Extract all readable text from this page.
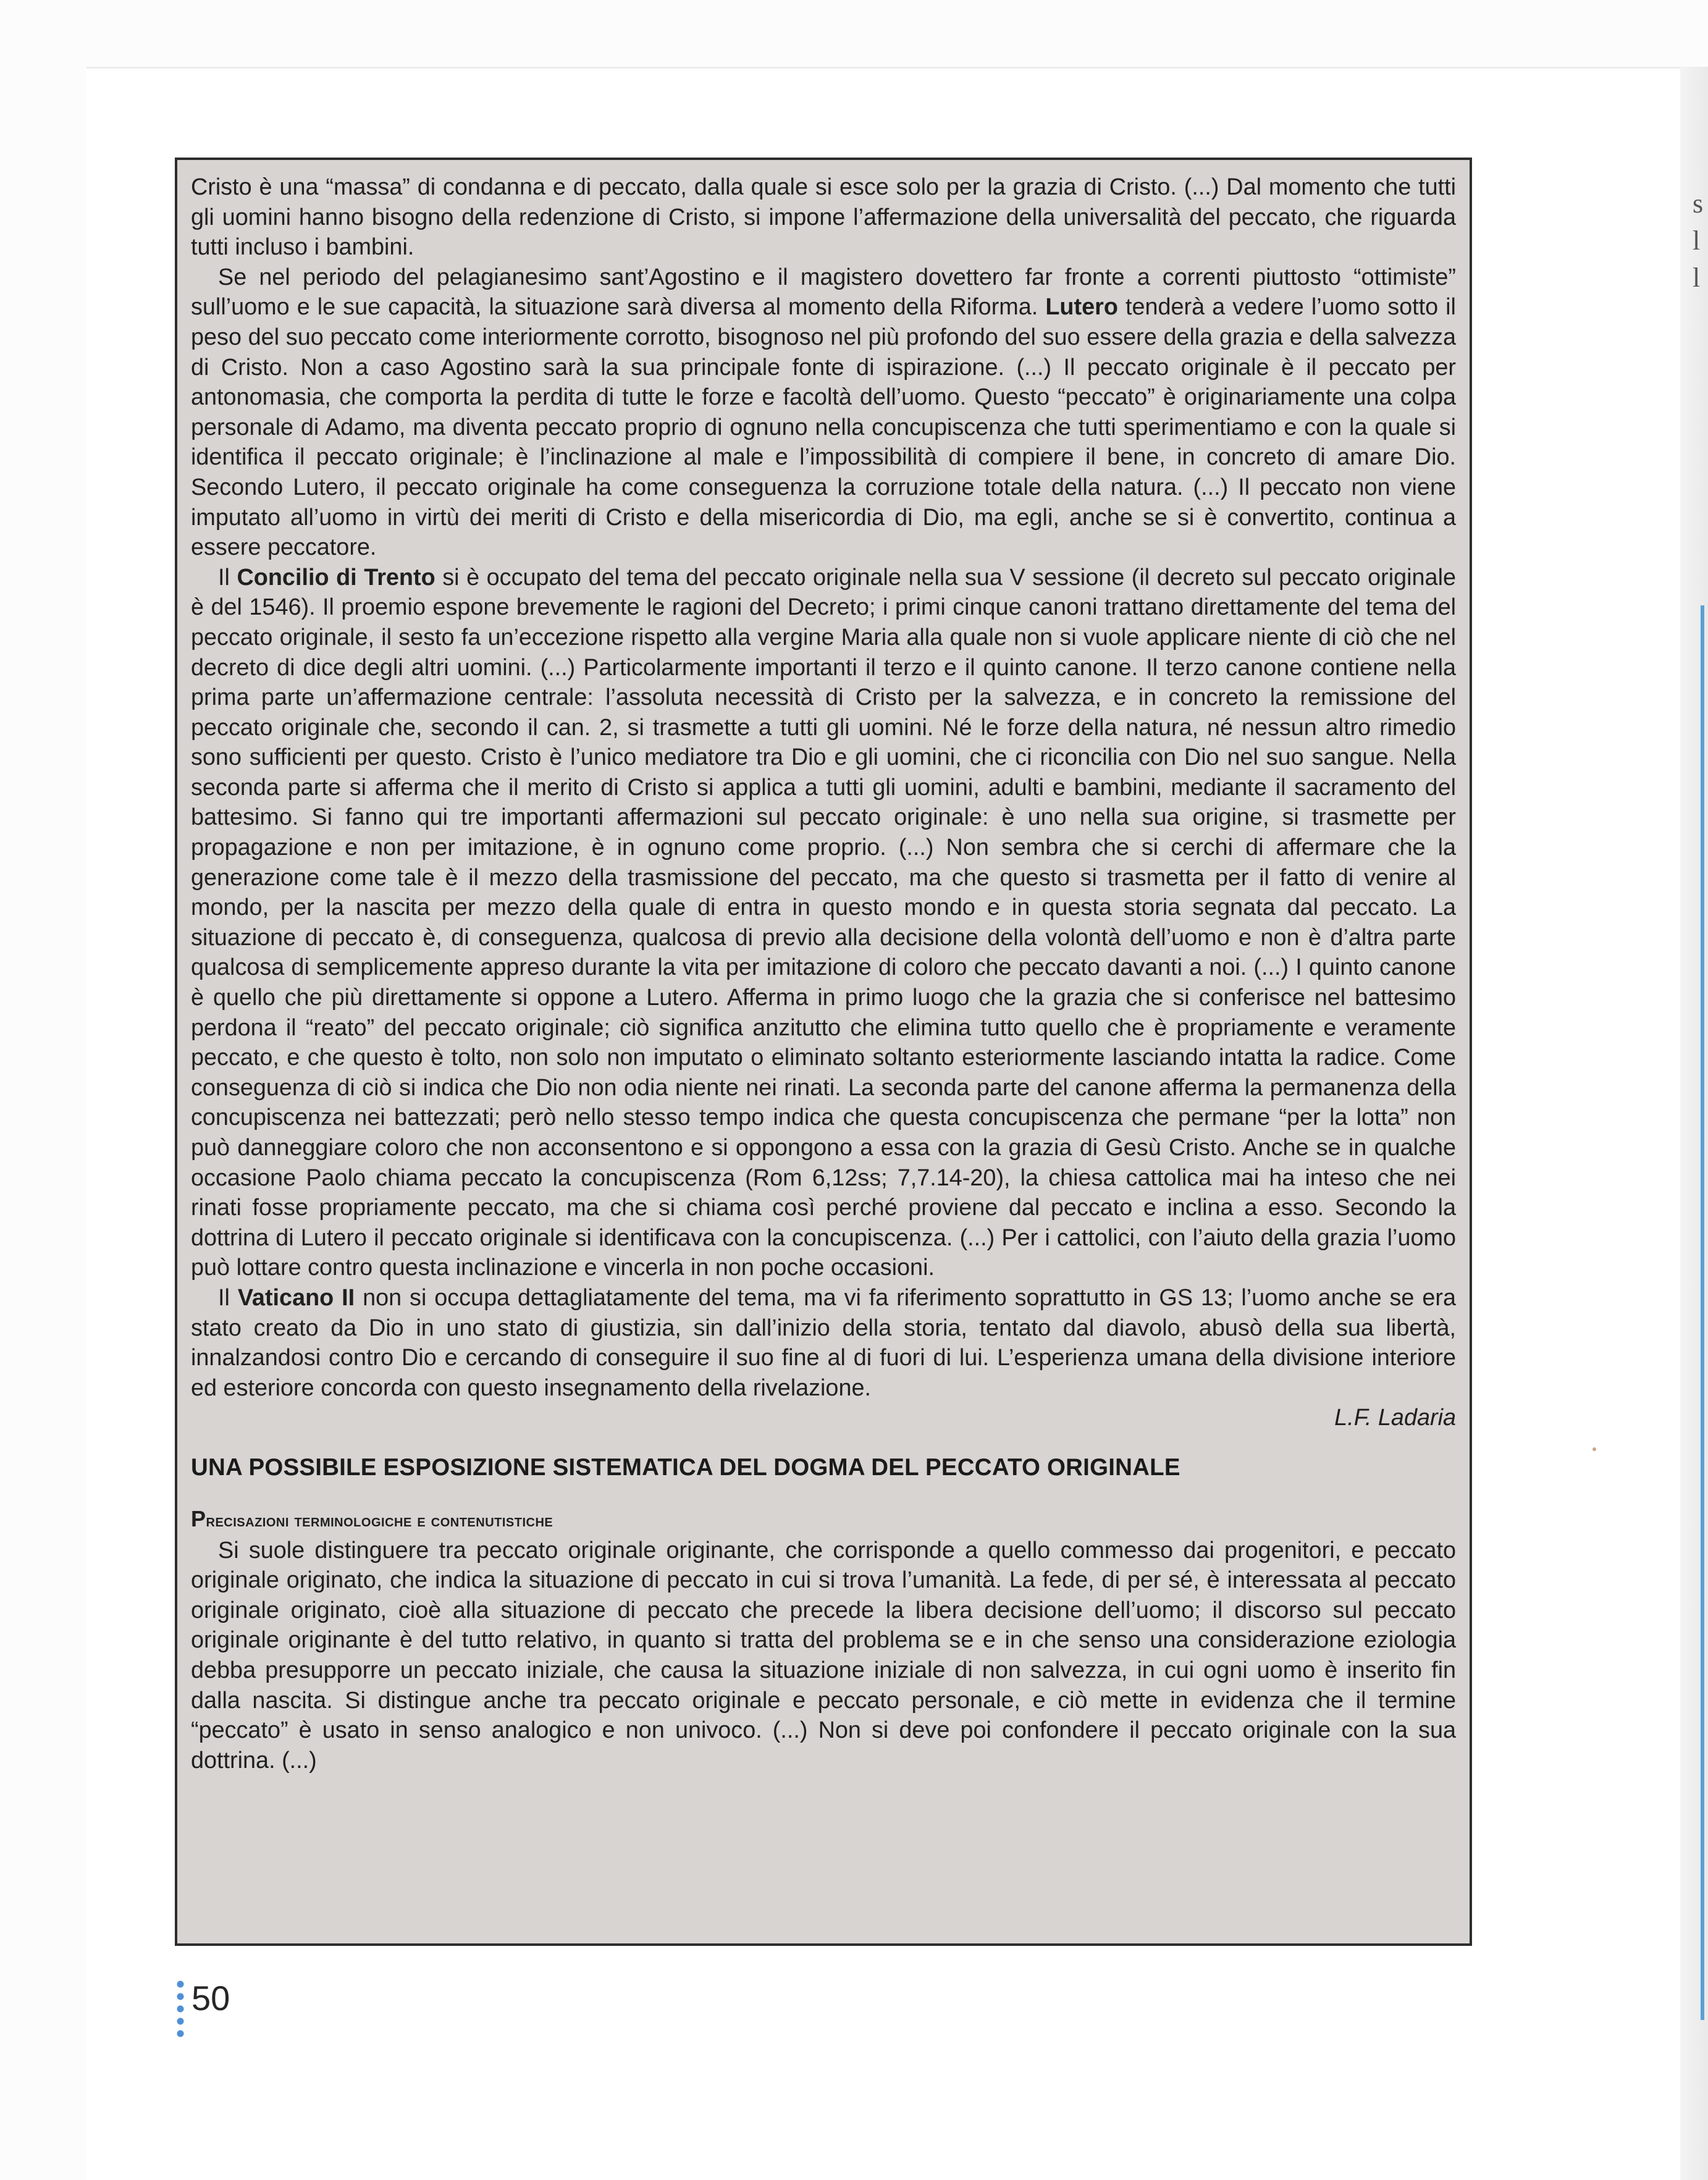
s l l

Cristo è una “massa” di condanna e di peccato, dalla quale si esce solo per la grazia di Cristo. (...) Dal momento che tutti gli uomini hanno bisogno della redenzione di Cristo, si impone l’affermazione della universalità del peccato, che riguarda tutti incluso i bambini.

Se nel periodo del pelagianesimo sant’Agostino e il magistero dovettero far fronte a correnti piuttosto “ottimiste” sull’uomo e le sue capacità, la situazione sarà diversa al momento della Riforma. Lutero tenderà a vedere l’uomo sotto il peso del suo peccato come interiormente corrotto, bisognoso nel più profondo del suo essere della grazia e della salvezza di Cristo. Non a caso Agostino sarà la sua principale fonte di ispirazione. (...) Il peccato originale è il peccato per antonomasia, che comporta la perdita di tutte le forze e facoltà dell’uomo. Questo “peccato” è originariamente una colpa personale di Adamo, ma diventa peccato proprio di ognuno nella concupiscenza che tutti sperimentiamo e con la quale si identifica il peccato originale; è l’inclinazione al male e l’impossibilità di compiere il bene, in concreto di amare Dio. Secondo Lutero, il peccato originale ha come conseguenza la corruzione totale della natura. (...) Il peccato non viene imputato all’uomo in virtù dei meriti di Cristo e della misericordia di Dio, ma egli, anche se si è convertito, continua a essere peccatore.

Il Concilio di Trento si è occupato del tema del peccato originale nella sua V sessione (il decreto sul peccato originale è del 1546). Il proemio espone brevemente le ragioni del Decreto; i primi cinque canoni trattano direttamente del tema del peccato originale, il sesto fa un’eccezione rispetto alla vergine Maria alla quale non si vuole applicare niente di ciò che nel decreto di dice degli altri uomini. (...) Particolarmente importanti il terzo e il quinto canone. Il terzo canone contiene nella prima parte un’affermazione centrale: l’assoluta necessità di Cristo per la salvezza, e in concreto la remissione del peccato originale che, secondo il can. 2, si trasmette a tutti gli uomini. Né le forze della natura, né nessun altro rimedio sono sufficienti per questo. Cristo è l’unico mediatore tra Dio e gli uomini, che ci riconcilia con Dio nel suo sangue. Nella seconda parte si afferma che il merito di Cristo si applica a tutti gli uomini, adulti e bambini, mediante il sacramento del battesimo. Si fanno qui tre importanti affermazioni sul peccato originale: è uno nella sua origine, si trasmette per propagazione e non per imitazione, è in ognuno come proprio. (...) Non sembra che si cerchi di affermare che la generazione come tale è il mezzo della trasmissione del peccato, ma che questo si trasmetta per il fatto di venire al mondo, per la nascita per mezzo della quale di entra in questo mondo e in questa storia segnata dal peccato. La situazione di peccato è, di conseguenza, qualcosa di previo alla decisione della volontà dell’uomo e non è d’altra parte qualcosa di semplicemente appreso durante la vita per imitazione di coloro che peccato davanti a noi. (...) I quinto canone è quello che più direttamente si oppone a Lutero. Afferma in primo luogo che la grazia che si conferisce nel battesimo perdona il “reato” del peccato originale; ciò significa anzitutto che elimina tutto quello che è propriamente e veramente peccato, e che questo è tolto, non solo non imputato o eliminato soltanto esteriormente lasciando intatta la radice. Come conseguenza di ciò si indica che Dio non odia niente nei rinati. La seconda parte del canone afferma la permanenza della concupiscenza nei battezzati; però nello stesso tempo indica che questa concupiscenza che permane “per la lotta” non può danneggiare coloro che non acconsentono e si oppongono a essa con la grazia di Gesù Cristo. Anche se in qualche occasione Paolo chiama peccato la concupiscenza (Rom 6,12ss; 7,7.14-20), la chiesa cattolica mai ha inteso che nei rinati fosse propriamente peccato, ma che si chiama così perché proviene dal peccato e inclina a esso. Secondo la dottrina di Lutero il peccato originale si identificava con la concupiscenza. (...) Per i cattolici, con l’aiuto della grazia l’uomo può lottare contro questa inclinazione e vincerla in non poche occasioni.

Il Vaticano II non si occupa dettagliatamente del tema, ma vi fa riferimento soprattutto in GS 13; l’uomo anche se era stato creato da Dio in uno stato di giustizia, sin dall’inizio della storia, tentato dal diavolo, abusò della sua libertà, innalzandosi contro Dio e cercando di conseguire il suo fine al di fuori di lui. L’esperienza umana della divisione interiore ed esteriore concorda con questo insegnamento della rivelazione.

L.F. Ladaria
UNA POSSIBILE ESPOSIZIONE SISTEMATICA DEL DOGMA DEL PECCATO ORIGINALE
Precisazioni terminologiche e contenutistiche

Si suole distinguere tra peccato originale originante, che corrisponde a quello commesso dai progenitori, e peccato originale originato, che indica la situazione di peccato in cui si trova l’umanità. La fede, di per sé, è interessata al peccato originale originato, cioè alla situazione di peccato che precede la libera decisione dell’uomo; il discorso sul peccato originale originante è del tutto relativo, in quanto si tratta del problema se e in che senso una considerazione eziologia debba presupporre un peccato iniziale, che causa la situazione iniziale di non salvezza, in cui ogni uomo è inserito fin dalla nascita. Si distingue anche tra peccato originale e peccato personale, e ciò mette in evidenza che il termine “peccato” è usato in senso analogico e non univoco. (...) Non si deve poi confondere il peccato originale con la sua dottrina. (...)

50
